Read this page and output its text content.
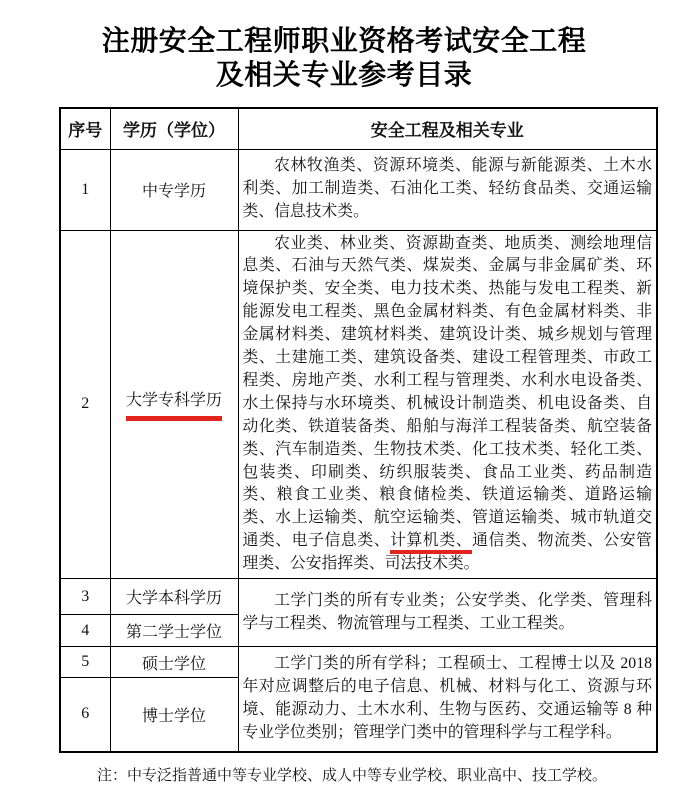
注册安全工程师职业资格考试安全工程
及相关专业参考目录
序号	学历（学位）	安全工程及相关专业
1	中专学历	农林牧渔类、资源环境类、能源与新能源类、土木水利类、加工制造类、石油化工类、轻纺食品类、交通运输类、信息技术类。

2	大学专科学历	农业类、林业类、资源勘查类、地质类、测绘地理信息类、石油与天然气类、煤炭类、金属与非金属矿类、环境保护类、安全类、电力技术类、热能与发电工程类、新能源发电工程类、黑色金属材料类、有色金属材料类、非金属材料类、建筑材料类、建筑设计类、城乡规划与管理类、土建施工类、建筑设备类、建设工程管理类、市政工程类、房地产类、水利工程与管理类、水利水电设备类、水土保持与水环境类、机械设计制造类、机电设备类、自动化类、铁道装备类、船舶与海洋工程装备类、航空装备类、汽车制造类、生物技术类、化工技术类、轻化工类、包装类、印刷类、纺织服装类、食品工业类、药品制造类、粮食工业类、粮食储检类、铁道运输类、道路运输类、水上运输类、航空运输类、管道运输类、城市轨道交通类、电子信息类、计算机类、通信类、物流类、公安管理类、公安指挥类、司法技术类。

3	大学本科学历	工学门类的所有专业类；公安学类、化学类、管理科学与工程类、物流管理与工程类、工业工程类。

4	第二学士学位	
5	硕士学位	工学门类的所有学科；工程硕士、工程博士以及 2018 年对应调整后的电子信息、机械、材料与化工、资源与环境、能源动力、土木水利、生物与医药、交通运输等 8 种专业学位类别；管理学门类中的管理科学与工程学科。

6	博士学位	

注：中专泛指普通中等专业学校、成人中等专业学校、职业高中、技工学校。
